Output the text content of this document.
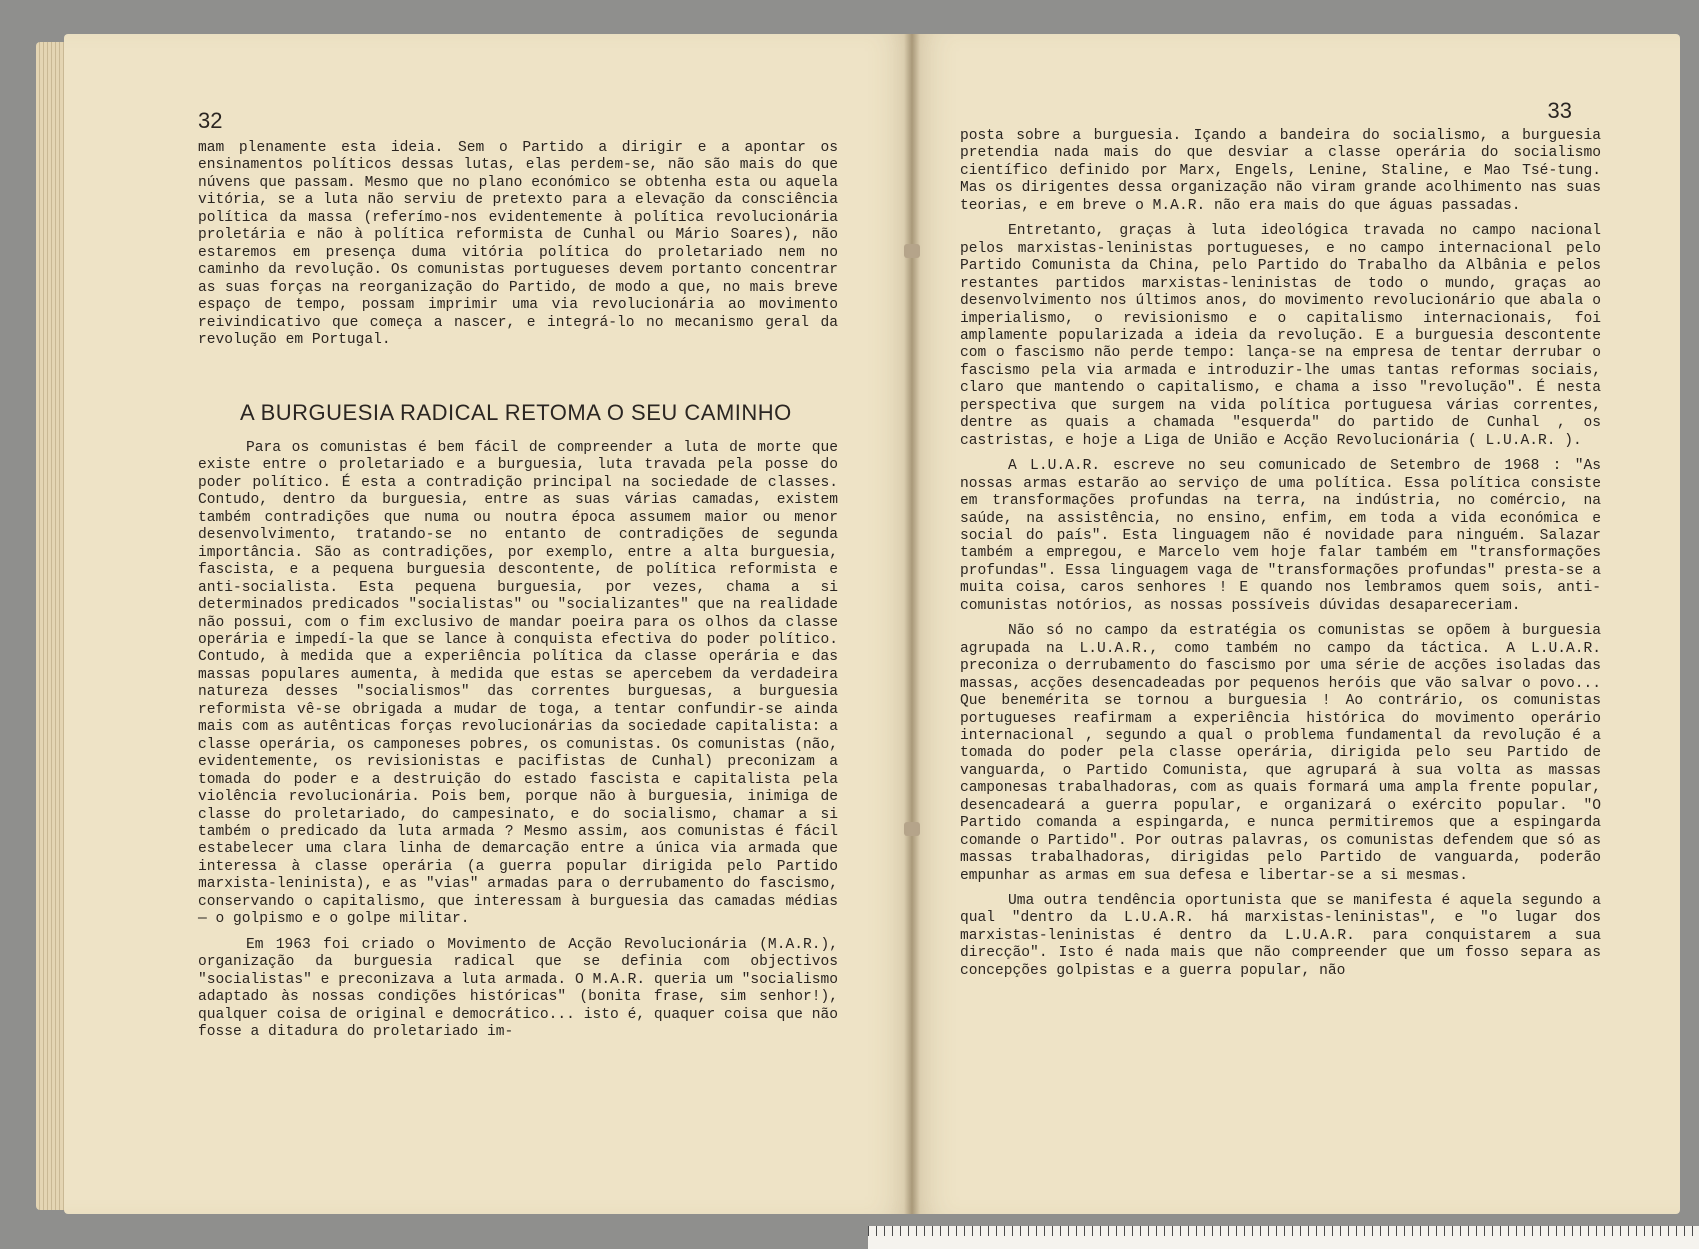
32

mam plenamente esta ideia. Sem o Partido a dirigir e a apontar os ensinamentos políticos dessas lutas, elas perdem-se, não são mais do que núvens que passam. Mesmo que no plano económico se obtenha esta ou aquela vitória, se a luta não serviu de pretexto para a elevação da consciência política da massa (referímo-nos evidentemente à política revolucionária proletária e não à política reformista de Cunhal ou Mário Soares), não estaremos em presença duma vitória política do proletariado nem no caminho da revolução. Os comunistas portugueses devem portanto concentrar as suas forças na reorganização do Partido, de modo a que, no mais breve espaço de tempo, possam imprimir uma via revolucionária ao movimento reivindicativo que começa a nascer, e integrá-lo no mecanismo geral da revolução em Portugal.

A BURGUESIA RADICAL RETOMA O SEU CAMINHO

Para os comunistas é bem fácil de compreender a luta de morte que existe entre o proletariado e a burguesia, luta travada pela posse do poder político. É esta a contradição principal na sociedade de classes. Contudo, dentro da burguesia, entre as suas várias camadas, existem também contradições que numa ou noutra época assumem maior ou menor desenvolvimento, tratando-se no entanto de contradições de segunda importância. São as contradições, por exemplo, entre a alta burguesia, fascista, e a pequena burguesia descontente, de política reformista e anti-socialista. Esta pequena burguesia, por vezes, chama a si determinados predicados "socialistas" ou "socializantes" que na realidade não possui, com o fim exclusivo de mandar poeira para os olhos da classe operária e impedí-la que se lance à conquista efectiva do poder político. Contudo, à medida que a experiência política da classe operária e das massas populares aumenta, à medida que estas se apercebem da verdadeira natureza desses "socialismos" das correntes burguesas, a burguesia reformista vê-se obrigada a mudar de toga, a tentar confundir-se ainda mais com as autênticas forças revolucionárias da sociedade capitalista: a classe operária, os camponeses pobres, os comunistas. Os comunistas (não, evidentemente, os revisionistas e pacifistas de Cunhal) preconizam a tomada do poder e a destruição do estado fascista e capitalista pela violência revolucionária. Pois bem, porque não à burguesia, inimiga de classe do proletariado, do campesinato, e do socialismo, chamar a si também o predicado da luta armada ? Mesmo assim, aos comunistas é fácil estabelecer uma clara linha de demarcação entre a única via armada que interessa à classe operária (a guerra popular dirigida pelo Partido marxista-leninista), e as "vias" armadas para o derrubamento do fascismo, conservando o capitalismo, que interessam à burguesia das camadas médias — o golpismo e o golpe militar.

Em 1963 foi criado o Movimento de Acção Revolucionária (M.A.R.), organização da burguesia radical que se definia com objectivos "socialistas" e preconizava a luta armada. O M.A.R. queria um "socialismo adaptado às nossas condições históricas" (bonita frase, sim senhor!), qualquer coisa de original e democrático... isto é, quaquer coisa que não fosse a ditadura do proletariado im-

33

posta sobre a burguesia. Içando a bandeira do socialismo, a burguesia pretendia nada mais do que desviar a classe operária do socialismo científico definido por Marx, Engels, Lenine, Staline, e Mao Tsé-tung. Mas os dirigentes dessa organização não viram grande acolhimento nas suas teorias, e em breve o M.A.R. não era mais do que águas passadas.

Entretanto, graças à luta ideológica travada no campo nacional pelos marxistas-leninistas portugueses, e no campo internacional pelo Partido Comunista da China, pelo Partido do Trabalho da Albânia e pelos restantes partidos marxistas-leninistas de todo o mundo, graças ao desenvolvimento nos últimos anos, do movimento revolucionário que abala o imperialismo, o revisionismo e o capitalismo internacionais, foi amplamente popularizada a ideia da revolução. E a burguesia descontente com o fascismo não perde tempo: lança-se na empresa de tentar derrubar o fascismo pela via armada e introduzir-lhe umas tantas reformas sociais, claro que mantendo o capitalismo, e chama a isso "revolução". É nesta perspectiva que surgem na vida política portuguesa várias correntes, dentre as quais a chamada "esquerda" do partido de Cunhal , os castristas, e hoje a Liga de União e Acção Revolucionária ( L.U.A.R. ).

A L.U.A.R. escreve no seu comunicado de Setembro de 1968 : "As nossas armas estarão ao serviço de uma política. Essa política consiste em transformações profundas na terra, na indústria, no comércio, na saúde, na assistência, no ensino, enfim, em toda a vida económica e social do país". Esta linguagem não é novidade para ninguém. Salazar também a empregou, e Marcelo vem hoje falar também em "transformações profundas". Essa linguagem vaga de "transformações profundas" presta-se a muita coisa, caros senhores ! E quando nos lembramos quem sois, anti-comunistas notórios, as nossas possíveis dúvidas desapareceriam.

Não só no campo da estratégia os comunistas se opõem à burguesia agrupada na L.U.A.R., como também no campo da táctica. A L.U.A.R. preconiza o derrubamento do fascismo por uma série de acções isoladas das massas, acções desencadeadas por pequenos heróis que vão salvar o povo... Que benemérita se tornou a burguesia ! Ao contrário, os comunistas portugueses reafirmam a experiência histórica do movimento operário internacional , segundo a qual o problema fundamental da revolução é a tomada do poder pela classe operária, dirigida pelo seu Partido de vanguarda, o Partido Comunista, que agrupará à sua volta as massas camponesas trabalhadoras, com as quais formará uma ampla frente popular, desencadeará a guerra popular, e organizará o exército popular. "O Partido comanda a espingarda, e nunca permitiremos que a espingarda comande o Partido". Por outras palavras, os comunistas defendem que só as massas trabalhadoras, dirigidas pelo Partido de vanguarda, poderão empunhar as armas em sua defesa e libertar-se a si mesmas.

Uma outra tendência oportunista que se manifesta é aquela segundo a qual "dentro da L.U.A.R. há marxistas-leninistas", e "o lugar dos marxistas-leninistas é dentro da L.U.A.R. para conquistarem a sua direcção". Isto é nada mais que não compreender que um fosso separa as concepções golpistas e a guerra popular, não
